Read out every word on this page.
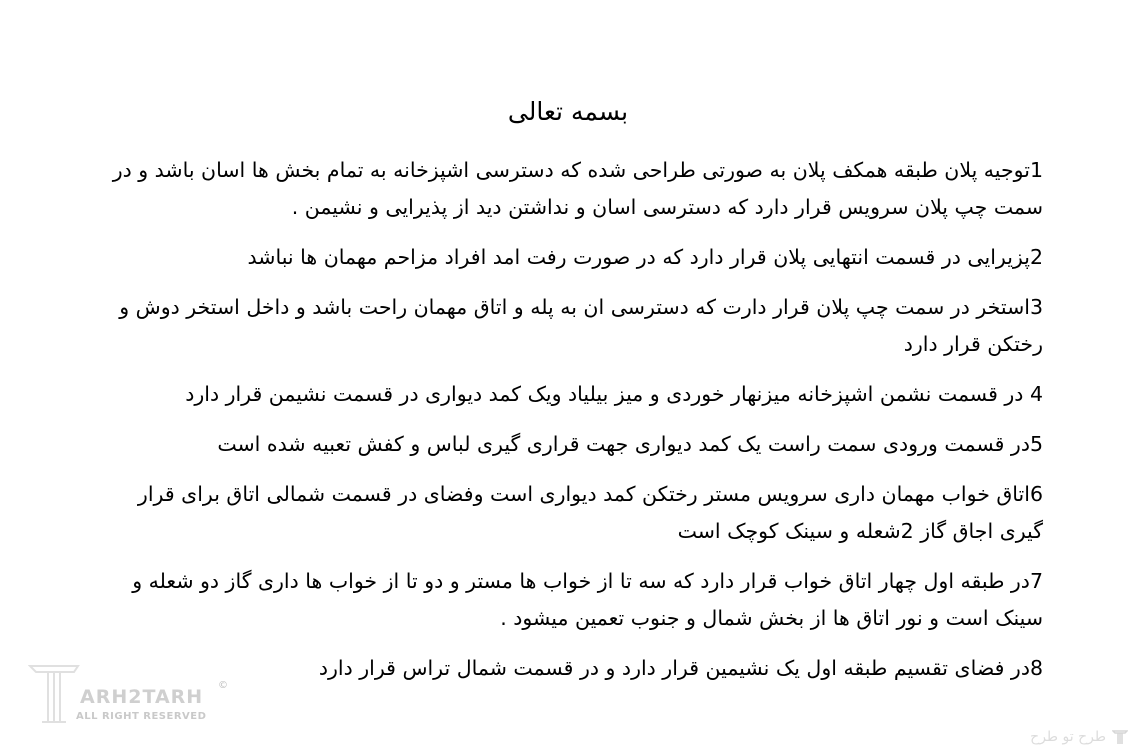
بسمه تعالی

1توجیه پلان طبقه همکف پلان به صورتی طراحی شده که دسترسی اشپزخانه به تمام بخش ها اسان باشد و در سمت چپ پلان سرویس قرار دارد که دسترسی اسان و نداشتن دید از پذیرایی و نشیمن .

2پزیرایی در قسمت انتهایی پلان قرار دارد که در صورت رفت امد افراد مزاحم مهمان ها نباشد

3استخر در سمت چپ پلان قرار دارت که دسترسی ان به پله و اتاق مهمان راحت باشد و داخل استخر دوش و رختکن قرار دارد

4 در قسمت نشمن اشپزخانه میزنهار خوردی و میز بیلیاد ویک کمد دیواری در قسمت نشیمن قرار دارد

5در قسمت ورودی سمت راست یک کمد دیواری جهت قراری گیری لباس و کفش تعبیه شده است

6اتاق خواب مهمان داری سرویس مستر رختکن کمد دیواری است وفضای در قسمت شمالی اتاق برای قرار گیری اجاق گاز 2شعله و سینک کوچک است

7در طبقه اول چهار اتاق خواب قرار دارد که سه تا از خواب ها مستر و دو تا از خواب ها داری گاز دو شعله و سینک است و نور اتاق ها از بخش شمال و جنوب تعمین میشود .

8در فضای تقسیم طبقه اول یک نشیمین قرار دارد و در قسمت شمال تراس قرار دارد

ARH2TARH
ALL RIGHT RESERVED
©
طرح تو طرح
